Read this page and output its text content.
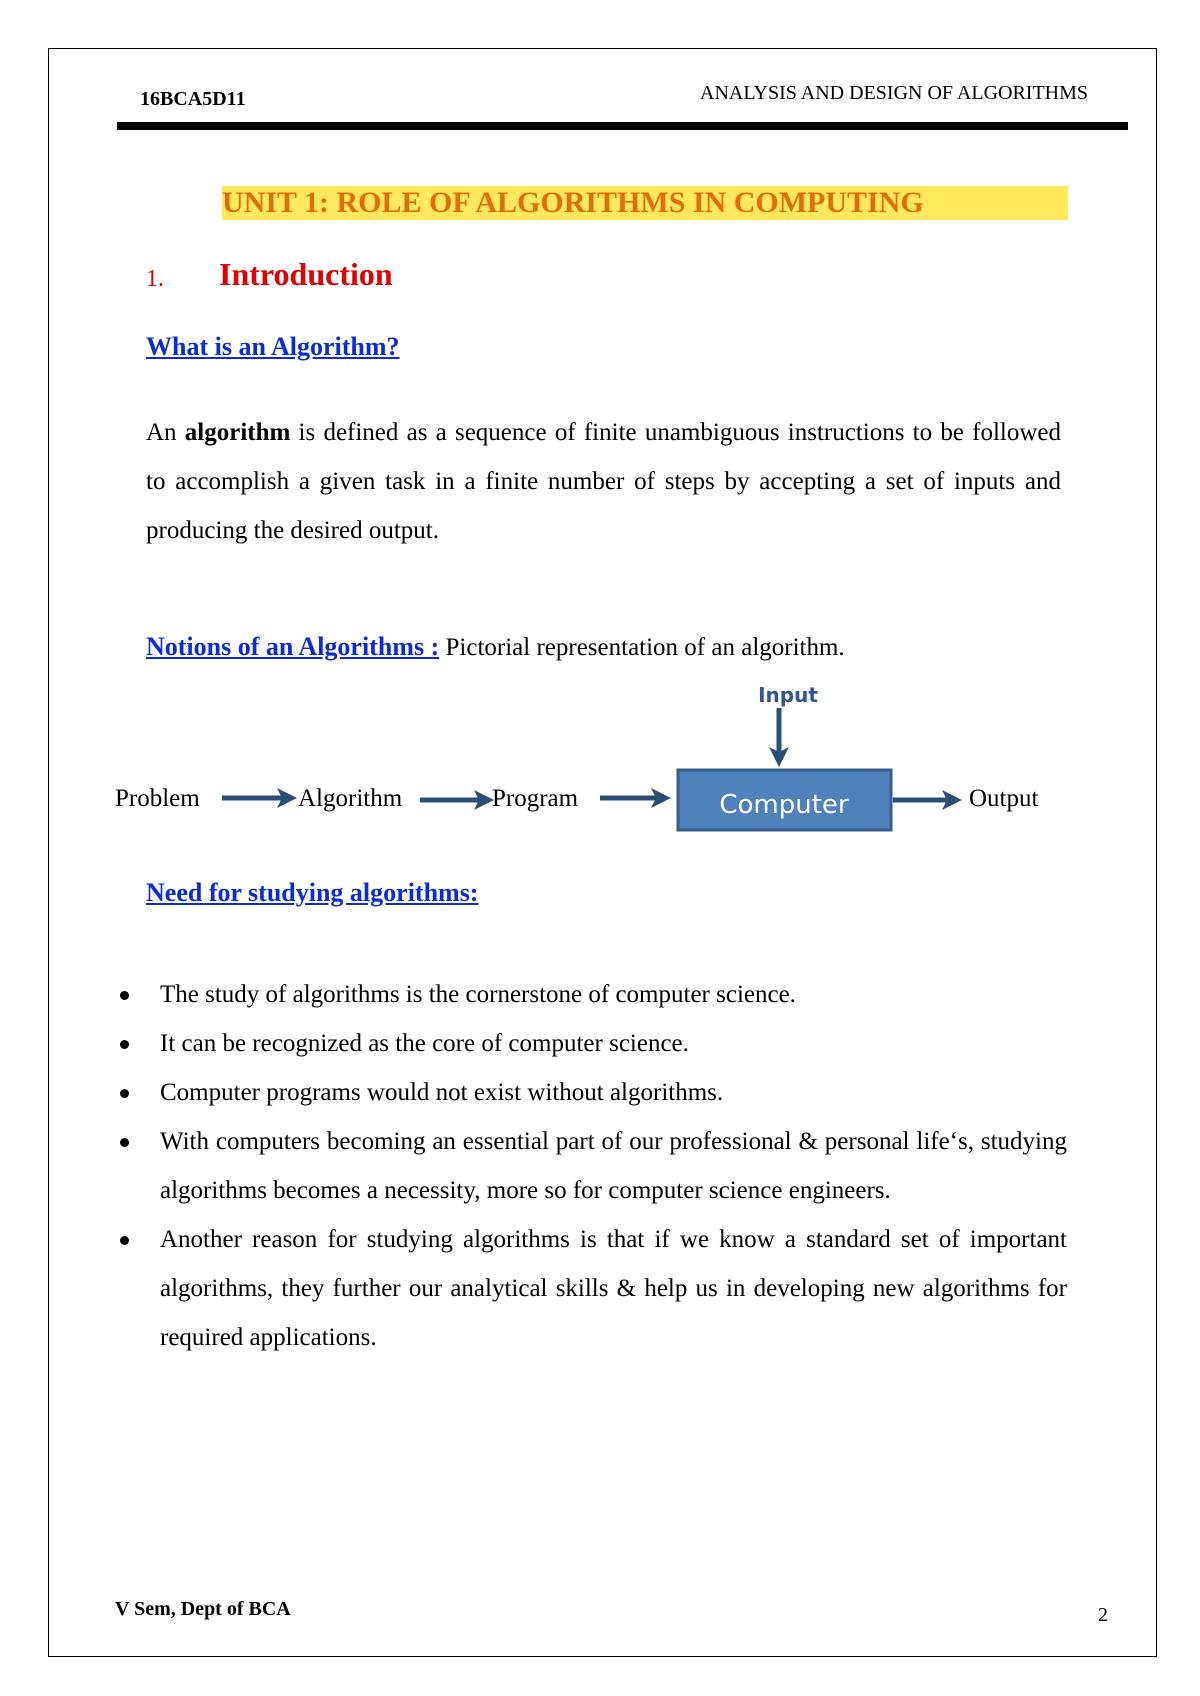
16BCA5D11	ANALYSIS AND DESIGN OF ALGORITHMS
UNIT 1: ROLE OF ALGORITHMS IN COMPUTING
1. Introduction
What is an Algorithm?

An algorithm is defined as a sequence of finite unambiguous instructions to be followed to accomplish a given task in a finite number of steps by accepting a set of inputs and producing the desired output.

Notions of an Algorithms : Pictorial representation of an algorithm.
Problem	Algorithm	Program	Computer
Input
Output
Need for studying algorithms:
The study of algorithms is the cornerstone of computer science.
It can be recognized as the core of computer science.
Computer programs would not exist without algorithms.
With computers becoming an essential part of our professional & personal life‘s, studying algorithms becomes a necessity, more so for computer science engineers.
Another reason for studying algorithms is that if we know a standard set of important algorithms, they further our analytical skills & help us in developing new algorithms for required applications.
V Sem, Dept of BCA	2
